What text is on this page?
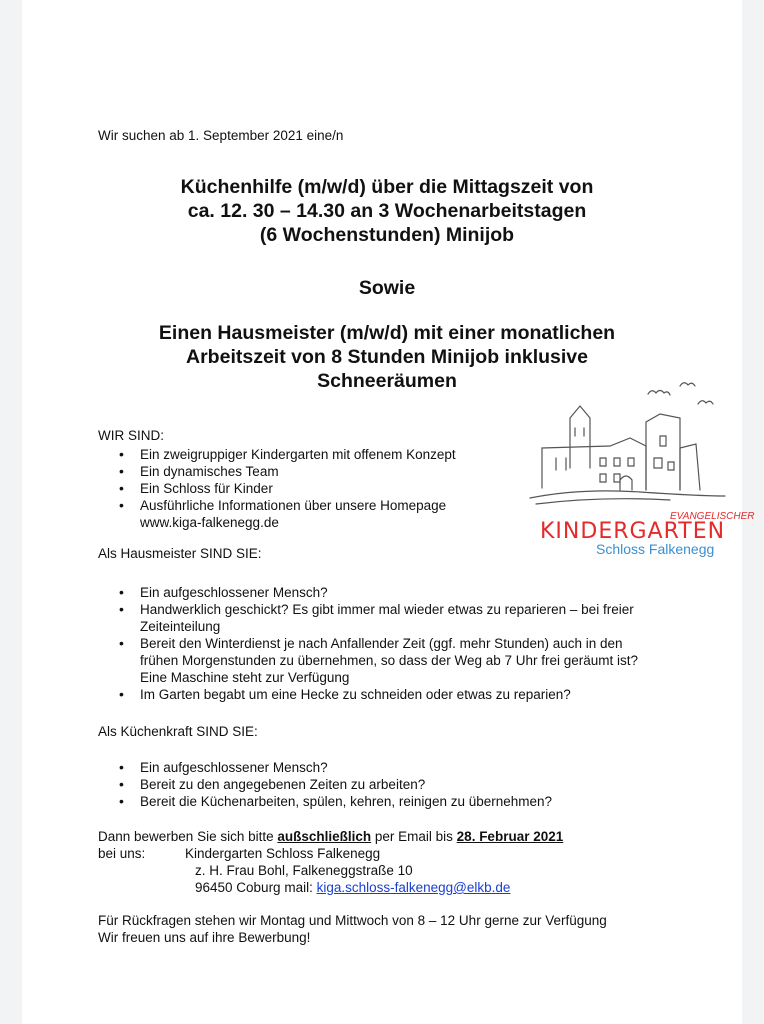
Wir suchen ab 1. September 2021 eine/n
Küchenhilfe (m/w/d) über die Mittagszeit von
ca. 12. 30 – 14.30 an 3 Wochenarbeitstagen
(6 Wochenstunden) Minijob
Sowie
Einen Hausmeister (m/w/d) mit einer monatlichen
Arbeitszeit von 8 Stunden Minijob inklusive
Schneeräumen
EVANGELISCHER
KINDERGARTEN
Schloss Falkenegg
WIR SIND:
• Ein zweigruppiger Kindergarten mit offenem Konzept
• Ein dynamisches Team
• Ein Schloss für Kinder
• Ausführliche Informationen über unsere Homepage
www.kiga-falkenegg.de
Als Hausmeister SIND SIE:
• Ein aufgeschlossener Mensch?
• Handwerklich geschickt? Es gibt immer mal wieder etwas zu reparieren – bei freier Zeiteinteilung
• Bereit den Winterdienst je nach Anfallender Zeit (ggf. mehr Stunden) auch in den frühen Morgenstunden zu übernehmen, so dass der Weg ab 7 Uhr frei geräumt ist? Eine Maschine steht zur Verfügung
• Im Garten begabt um eine Hecke zu schneiden oder etwas zu reparien?
Als Küchenkraft SIND SIE:
• Ein aufgeschlossener Mensch?
• Bereit zu den angegebenen Zeiten zu arbeiten?
• Bereit die Küchenarbeiten, spülen, kehren, reinigen zu übernehmen?
Dann bewerben Sie sich bitte außschließlich per Email bis 28. Februar 2021
bei uns:	Kindergarten Schloss Falkenegg
z. H. Frau Bohl, Falkeneggstraße 10
96450 Coburg mail: kiga.schloss-falkenegg@elkb.de
Für Rückfragen stehen wir Montag und Mittwoch von 8 – 12 Uhr gerne zur Verfügung
Wir freuen uns auf ihre Bewerbung!
